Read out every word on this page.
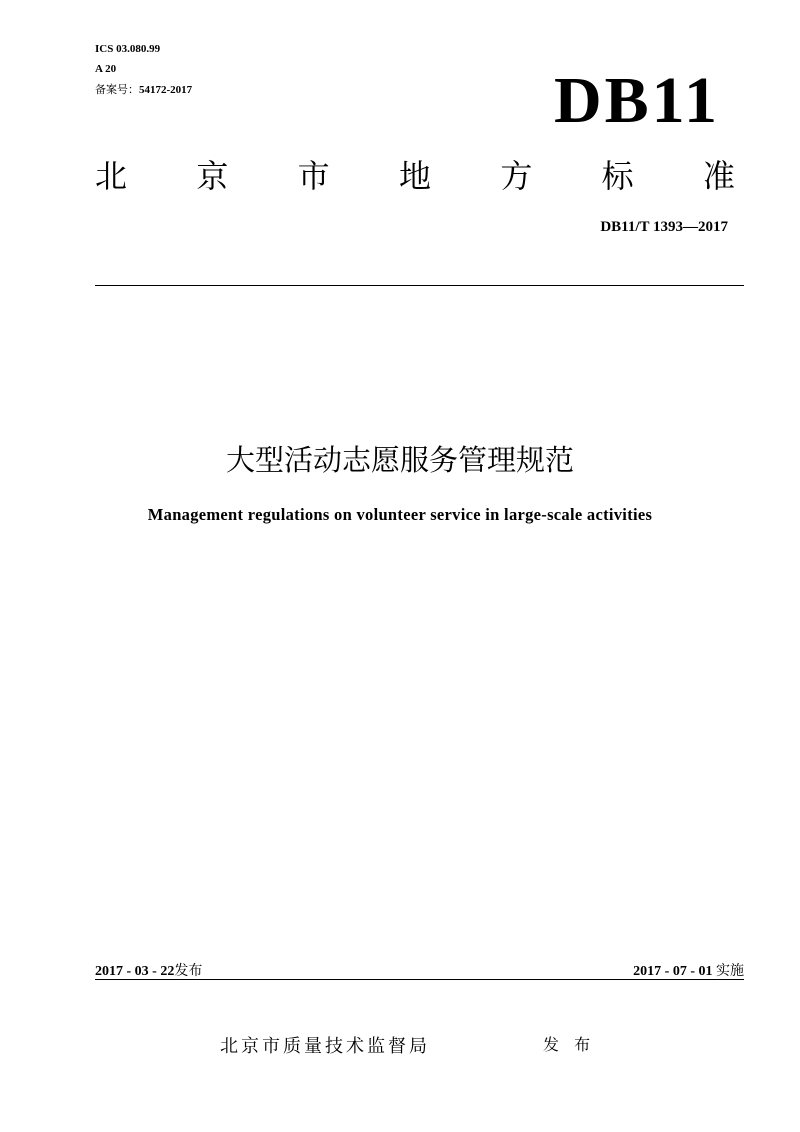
ICS 03.080.99
A 20
备案号：54172-2017	DB11
北 京 市 地 方 标 准
DB11/T 1393—2017
大型活动志愿服务管理规范
Management regulations on volunteer service in large-scale activities
2017 - 03 - 22发布	2017 - 07 - 01 实施
北京市质量技术监督局	发 布
